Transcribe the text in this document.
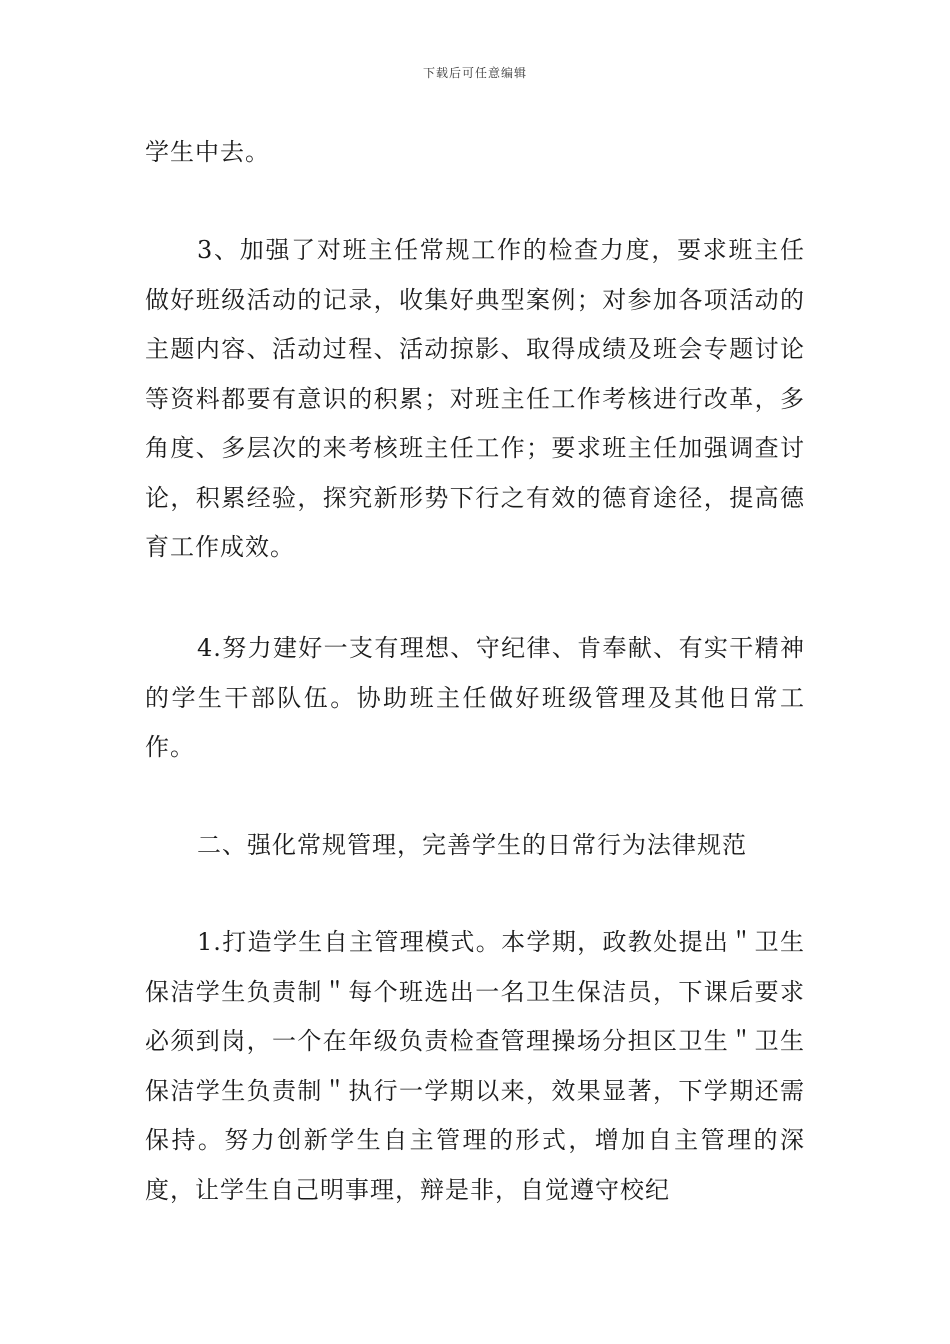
下载后可任意编辑

学生中去。

3、加强了对班主任常规工作的检查力度，要求班主任做好班级活动的记录，收集好典型案例；对参加各项活动的主题内容、活动过程、活动掠影、取得成绩及班会专题讨论等资料都要有意识的积累；对班主任工作考核进行改革，多角度、多层次的来考核班主任工作；要求班主任加强调查讨论，积累经验，探究新形势下行之有效的德育途径，提高德育工作成效。

4.努力建好一支有理想、守纪律、肯奉献、有实干精神的学生干部队伍。协助班主任做好班级管理及其他日常工作。

二、强化常规管理，完善学生的日常行为法律规范

1.打造学生自主管理模式。本学期，政教处提出＂卫生保洁学生负责制＂每个班选出一名卫生保洁员，下课后要求必须到岗，一个在年级负责检查管理操场分担区卫生＂卫生保洁学生负责制＂执行一学期以来，效果显著，下学期还需保持。努力创新学生自主管理的形式，增加自主管理的深度，让学生自己明事理，辩是非，自觉遵守校纪
